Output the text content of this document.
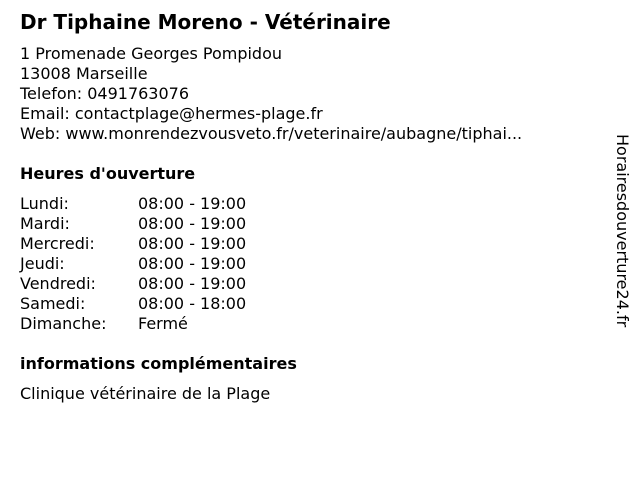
Dr Tiphaine Moreno - Vétérinaire
1 Promenade Georges Pompidou
13008 Marseille
Telefon: 0491763076
Email: contactplage@hermes-plage.fr
Web: www.monrendezvousveto.fr/veterinaire/aubagne/tiphai...
Heures d'ouverture
Lundi:	08:00 - 19:00
Mardi:	08:00 - 19:00
Mercredi:	08:00 - 19:00
Jeudi:	08:00 - 19:00
Vendredi:	08:00 - 19:00
Samedi:	08:00 - 18:00
Dimanche:	Fermé
informations complémentaires
Clinique vétérinaire de la Plage
Horairesdouverture24.fr
